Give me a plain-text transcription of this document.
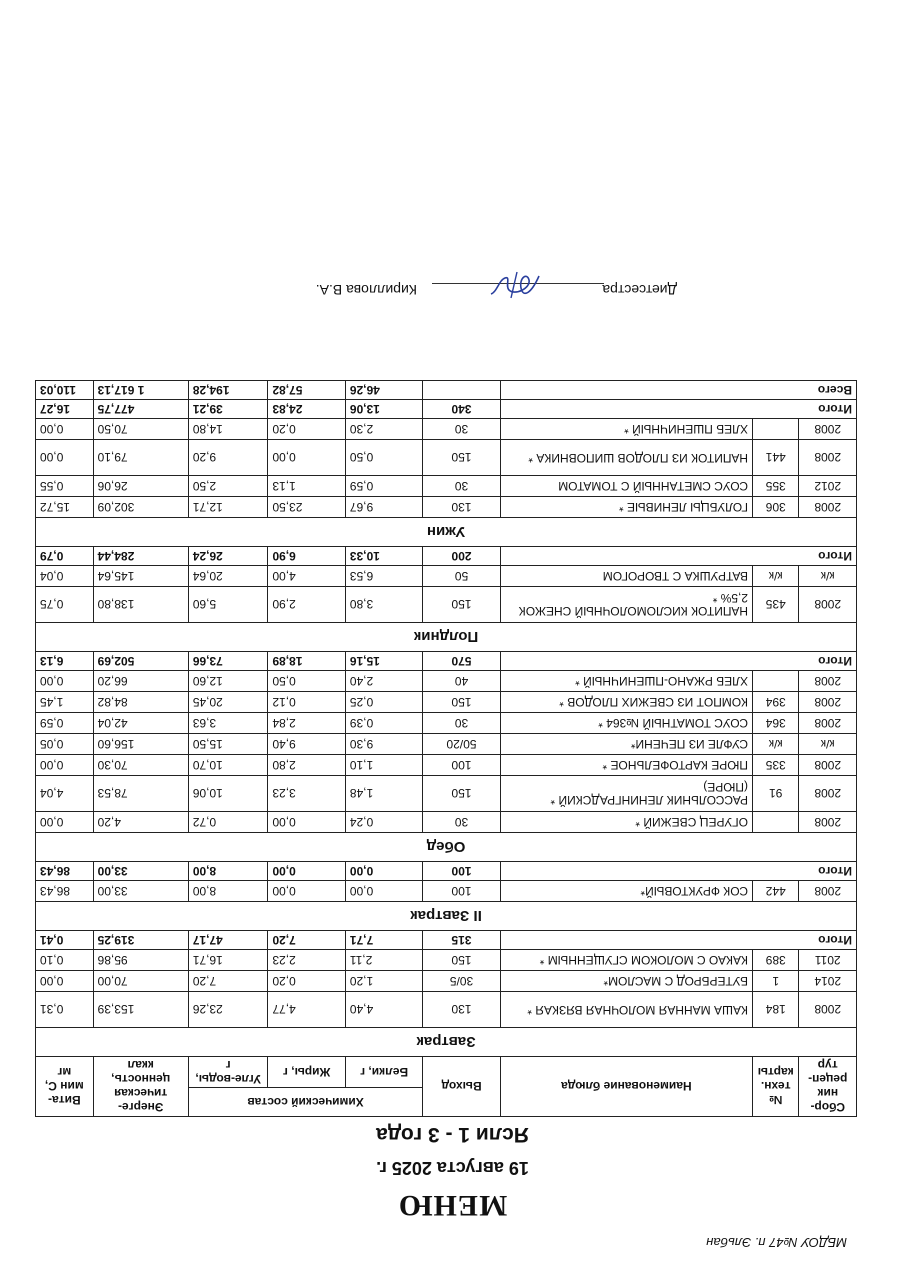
МБДОУ №47 п. Эльбан
МЕНЮ
19 августа 2025 г.
Ясли 1 - 3 года
Сбор-ник рецеп-тур	№ техн. карты	Наименование блюда	Выход	Химический состав			Энерге-тическая ценность, ккал	Вита-мин С, мг
				Белки, г	Жиры, г	Угле-воды, г		
Завтрак								
2008	184	КАША МАННАЯ МОЛОЧНАЯ ВЯЗКАЯ *	130	4,40	4,77	23,26	153,39	0,31
2014	1	БУТЕРБРОД С МАСЛОМ*	30/5	1,20	0,20	7,20	70,00	0,00
2011	389	КАКАО С МОЛОКОМ СГУЩЕННЫМ *	150	2,11	2,23	16,71	95,86	0,10
Итого			315	7,71	7,20	47,17	319,25	0,41
II Завтрак								
2008	442	СОК ФРУКТОВЫЙ*	100	0,00	0,00	8,00	33,00	86,43
Итого			100	0,00	0,00	8,00	33,00	86,43
Обед								
2008		ОГУРЕЦ СВЕЖИЙ *	30	0,24	0,00	0,72	4,20	0,00
2008	91	РАССОЛЬНИК ЛЕНИНГРАДСКИЙ * (ПЮРЕ)	150	1,48	3,23	10,06	78,53	4,04
2008	335	ПЮРЕ КАРТОФЕЛЬНОЕ *	100	1,10	2,80	10,70	70,30	0,00
к/к	к/к	СУФЛЕ ИЗ ПЕЧЕНИ*	50/20	9,30	9,40	15,50	156,60	0,05
2008	364	СОУС ТОМАТНЫЙ №364 *	30	0,39	2,84	3,63	42,04	0,59
2008	394	КОМПОТ ИЗ СВЕЖИХ ПЛОДОВ *	150	0,25	0,12	20,45	84,82	1,45
2008		ХЛЕБ РЖАНО-ПШЕНИЧНЫЙ *	40	2,40	0,50	12,60	66,20	0,00
Итого			570	15,16	18,89	73,66	502,69	6,13
Полдник								
2008	435	НАПИТОК КИСЛОМОЛОЧНЫЙ СНЕЖОК 2,5% *	150	3,80	2,90	5,60	138,80	0,75
к/к	к/к	ВАТРУШКА С ТВОРОГОМ	50	6,53	4,00	20,64	145,64	0,04
Итого			200	10,33	6,90	26,24	284,44	0,79
Ужин								
2008	306	ГОЛУБЦЫ ЛЕНИВЫЕ *	130	9,67	23,50	12,71	302,09	15,72
2012	355	СОУС СМЕТАННЫЙ С ТОМАТОМ	30	0,59	1,13	2,50	26,06	0,55
2008	441	НАПИТОК ИЗ ПЛОДОВ ШИПОВНИКА *	150	0,50	0,00	9,20	79,10	0,00
2008		ХЛЕБ ПШЕНИЧНЫЙ *	30	2,30	0,20	14,80	70,50	0,00
Итого			340	13,06	24,83	39,21	477,75	16,27
Всего				46,26	57,82	194,28	1 617,13	110,03
Диетсестра
Кириллова В.А.
